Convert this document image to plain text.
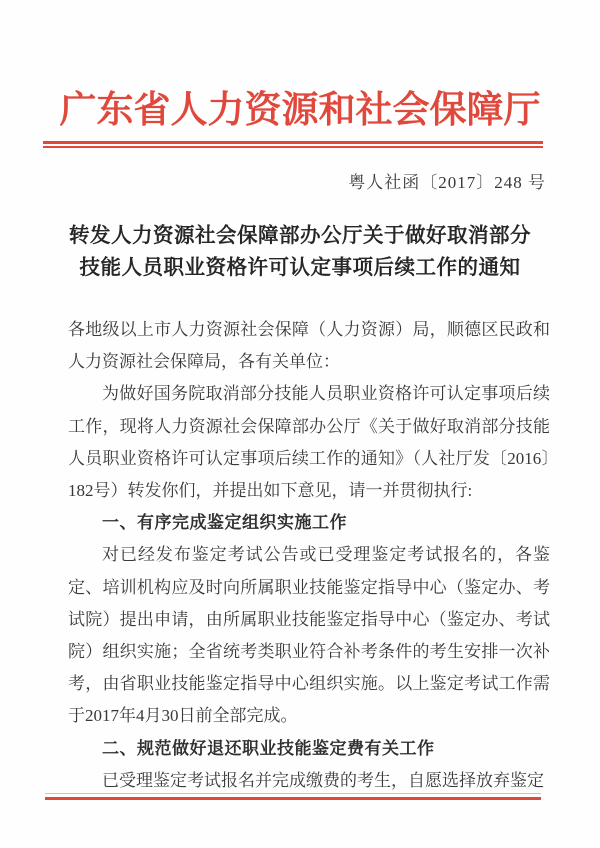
广东省人力资源和社会保障厅
粤人社函〔2017〕248 号
转发人力资源社会保障部办公厅关于做好取消部分
技能人员职业资格许可认定事项后续工作的通知

各地级以上市人力资源社会保障（人力资源）局，顺德区民政和人力资源社会保障局，各有关单位：

为做好国务院取消部分技能人员职业资格许可认定事项后续工作，现将人力资源社会保障部办公厅《关于做好取消部分技能人员职业资格许可认定事项后续工作的通知》（人社厅发〔2016〕182号）转发你们，并提出如下意见，请一并贯彻执行:

一、有序完成鉴定组织实施工作

对已经发布鉴定考试公告或已受理鉴定考试报名的，各鉴定、培训机构应及时向所属职业技能鉴定指导中心（鉴定办、考试院）提出申请，由所属职业技能鉴定指导中心（鉴定办、考试院）组织实施；全省统考类职业符合补考条件的考生安排一次补考，由省职业技能鉴定指导中心组织实施。以上鉴定考试工作需于2017年4月30日前全部完成。

二、规范做好退还职业技能鉴定费有关工作

已受理鉴定考试报名并完成缴费的考生，自愿选择放弃鉴定
